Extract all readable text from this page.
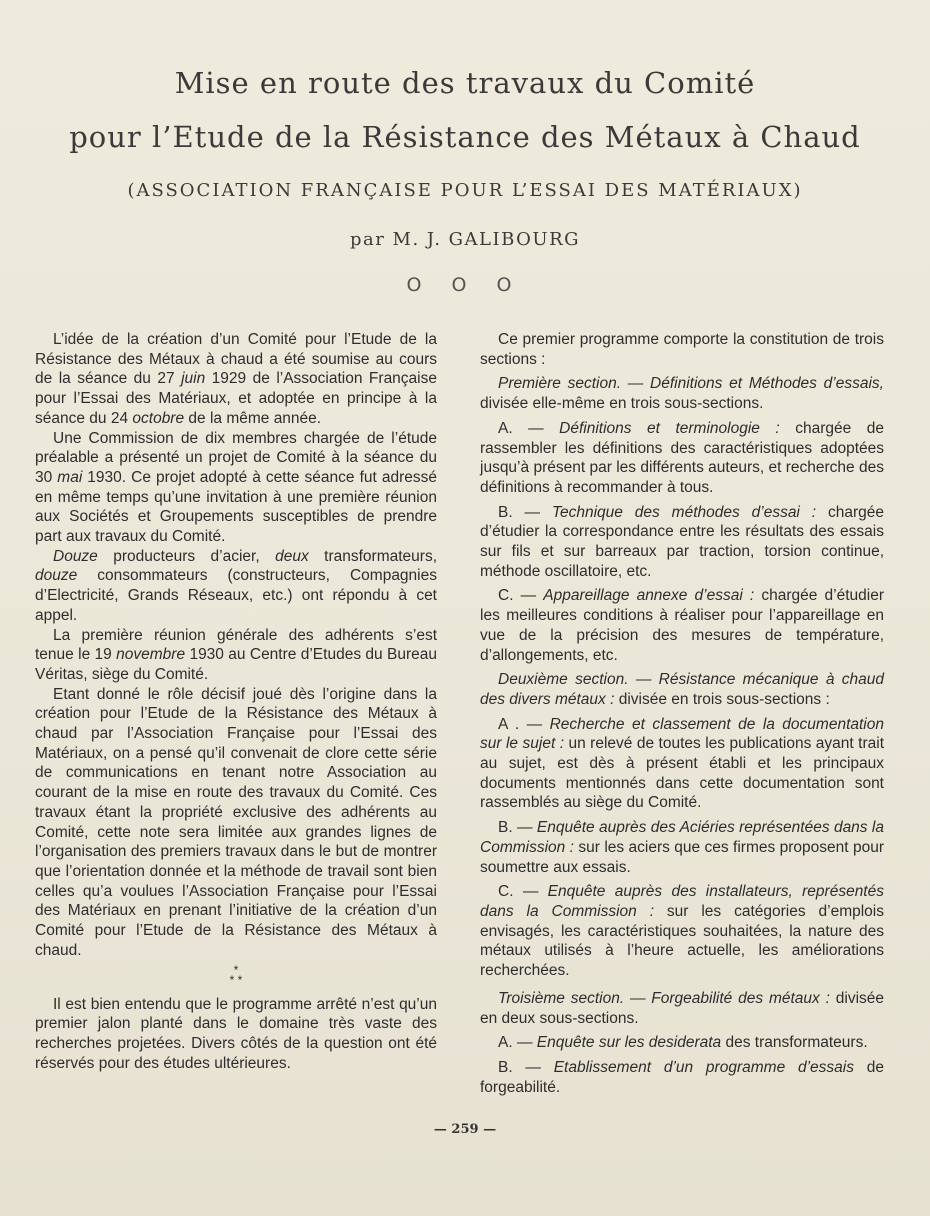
Mise en route des travaux du Comité
pour l’Etude de la Résistance des Métaux à Chaud
(ASSOCIATION FRANÇAISE POUR L’ESSAI DES MATÉRIAUX)
par M. J. GALIBOURG
O O O

L’idée de la création d’un Comité pour l’Etude de la Résistance des Métaux à chaud a été soumise au cours de la séance du 27 juin 1929 de l’Association Française pour l’Essai des Matériaux, et adoptée en principe à la séance du 24 octobre de la même année.

Une Commission de dix membres chargée de l’étude préalable a présenté un projet de Comité à la séance du 30 mai 1930. Ce projet adopté à cette séance fut adressé en même temps qu’une invitation à une première réunion aux Sociétés et Groupements susceptibles de prendre part aux travaux du Comité.

Douze producteurs d’acier, deux transformateurs, douze consommateurs (constructeurs, Compagnies d’Electricité, Grands Réseaux, etc.) ont répondu à cet appel.

La première réunion générale des adhérents s’est tenue le 19 novembre 1930 au Centre d’Etudes du Bureau Véritas, siège du Comité.

Etant donné le rôle décisif joué dès l’origine dans la création pour l’Etude de la Résistance des Métaux à chaud par l’Association Française pour l’Essai des Matériaux, on a pensé qu’il convenait de clore cette série de communications en tenant notre Association au courant de la mise en route des travaux du Comité. Ces travaux étant la propriété exclusive des adhérents au Comité, cette note sera limitée aux grandes lignes de l’organisation des premiers travaux dans le but de montrer que l’orientation donnée et la méthode de travail sont bien celles qu’a voulues l’Association Française pour l’Essai des Matériaux en prenant l’initiative de la création d’un Comité pour l’Etude de la Résistance des Métaux à chaud.

*
* *

Il est bien entendu que le programme arrêté n’est qu’un premier jalon planté dans le domaine très vaste des recherches projetées. Divers côtés de la question ont été réservés pour des études ultérieures.

Ce premier programme comporte la constitution de trois sections :

Première section. — Définitions et Méthodes d’essais, divisée elle-même en trois sous-sections.

A. — Définitions et terminologie : chargée de rassembler les définitions des caractéristiques adoptées jusqu’à présent par les différents auteurs, et recherche des définitions à recommander à tous.

B. — Technique des méthodes d’essai : chargée d’étudier la correspondance entre les résultats des essais sur fils et sur barreaux par traction, torsion continue, méthode oscillatoire, etc.

C. — Appareillage annexe d’essai : chargée d’étudier les meilleures conditions à réaliser pour l’appareillage en vue de la précision des mesures de température, d’allongements, etc.

Deuxième section. — Résistance mécanique à chaud des divers métaux : divisée en trois sous-sections :

A . — Recherche et classement de la documentation sur le sujet : un relevé de toutes les publications ayant trait au sujet, est dès à présent établi et les principaux documents mentionnés dans cette documentation sont rassemblés au siège du Comité.

B. — Enquête auprès des Aciéries représentées dans la Commission : sur les aciers que ces firmes proposent pour soumettre aux essais.

C. — Enquête auprès des installateurs, représentés dans la Commission : sur les catégories d’emplois envisagés, les caractéristiques souhaitées, la nature des métaux utilisés à l’heure actuelle, les améliorations recherchées.

Troisième section. — Forgeabilité des métaux : divisée en deux sous-sections.

A. — Enquête sur les desiderata des transformateurs.

B. — Etablissement d’un programme d’essais de forgeabilité.

— 259 —
